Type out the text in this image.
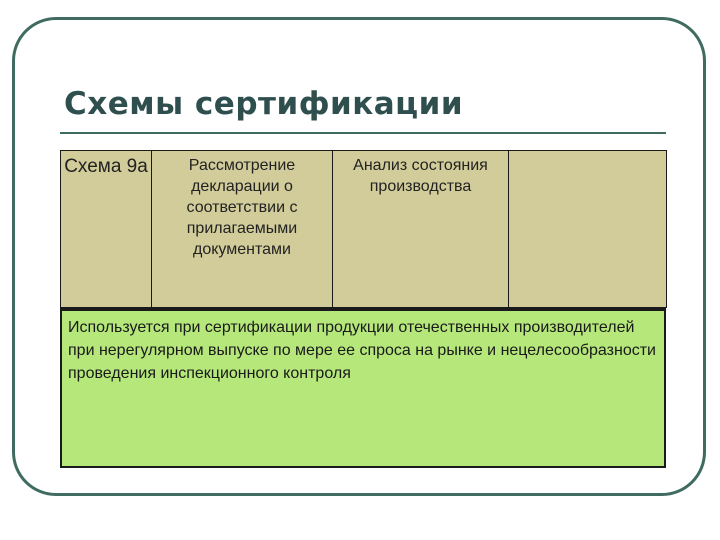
Схемы сертификации
Схема 9а	Рассмотрение декларации о соответствии с прилагаемыми документами	Анализ состояния производства	

Используется при сертификации продукции отечественных производителей при нерегулярном выпуске по мере ее спроса на рынке и нецелесообразности проведения инспекционного контроля
